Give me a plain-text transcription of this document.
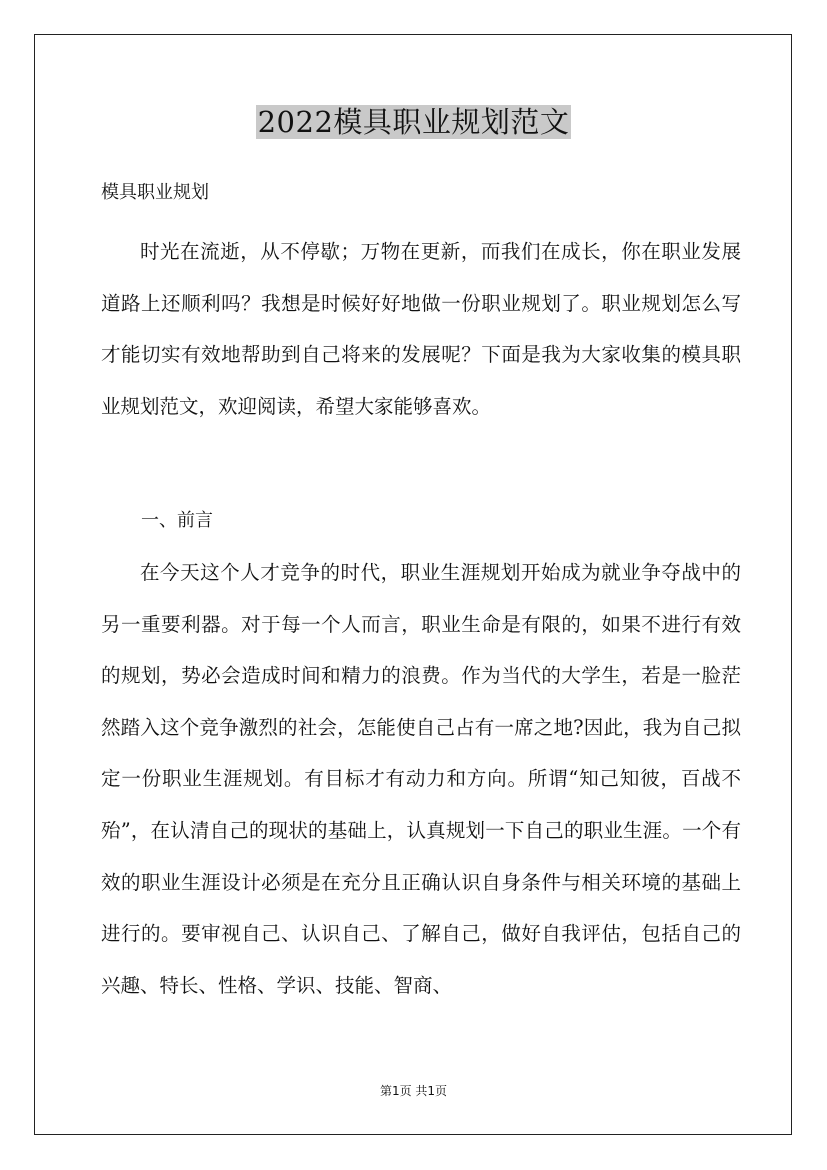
2022模具职业规划范文
模具职业规划

时光在流逝，从不停歇；万物在更新，而我们在成长，你在职业发展道路上还顺利吗？我想是时候好好地做一份职业规划了。职业规划怎么写才能切实有效地帮助到自己将来的发展呢？下面是我为大家收集的模具职业规划范文，欢迎阅读，希望大家能够喜欢。

一、前言

在今天这个人才竞争的时代，职业生涯规划开始成为就业争夺战中的另一重要利器。对于每一个人而言，职业生命是有限的，如果不进行有效的规划，势必会造成时间和精力的浪费。作为当代的大学生，若是一脸茫然踏入这个竞争激烈的社会，怎能使自己占有一席之地?因此，我为自己拟定一份职业生涯规划。有目标才有动力和方向。所谓“知己知彼，百战不殆”，在认清自己的现状的基础上，认真规划一下自己的职业生涯。一个有效的职业生涯设计必须是在充分且正确认识自身条件与相关环境的基础上进行的。要审视自己、认识自己、了解自己，做好自我评估，包括自己的兴趣、特长、性格、学识、技能、智商、

第1页 共1页
